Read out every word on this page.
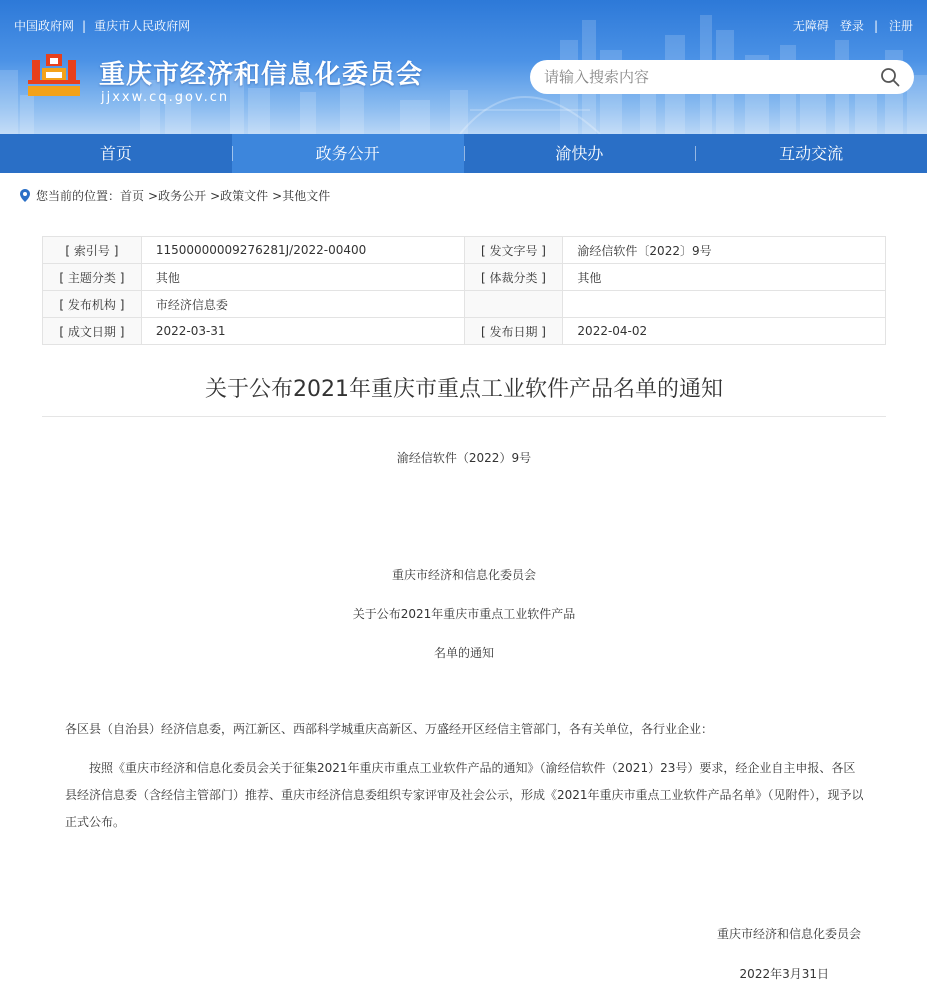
中国政府网 | 重庆市人民政府网	无障碍 登录 | 注册
重庆市经济和信息化委员会
jjxxw.cq.gov.cn
请输入搜索内容
首页	政务公开	渝快办	互动交流
您当前的位置： 首页 >政务公开 >政策文件 >其他文件
[ 索引号 ]	11500000009276281J/2022-00400	[ 发文字号 ]	渝经信软件〔2022〕9号
[ 主题分类 ]	其他	[ 体裁分类 ]	其他
[ 发布机构 ]	市经济信息委		
[ 成文日期 ]	2022-03-31	[ 发布日期 ]	2022-04-02
关于公布2021年重庆市重点工业软件产品名单的通知
渝经信软件（2022）9号
重庆市经济和信息化委员会
关于公布2021年重庆市重点工业软件产品
名单的通知
各区县（自治县）经济信息委，两江新区、西部科学城重庆高新区、万盛经开区经信主管部门，各有关单位，各行业企业：
按照《重庆市经济和信息化委员会关于征集2021年重庆市重点工业软件产品的通知》（渝经信软件（2021）23号）要求，经企业自主申报、各区县经济信息委（含经信主管部门）推荐、重庆市经济信息委组织专家评审及社会公示，形成《2021年重庆市重点工业软件产品名单》（见附件），现予以正式公布。
重庆市经济和信息化委员会
2022年3月31日
